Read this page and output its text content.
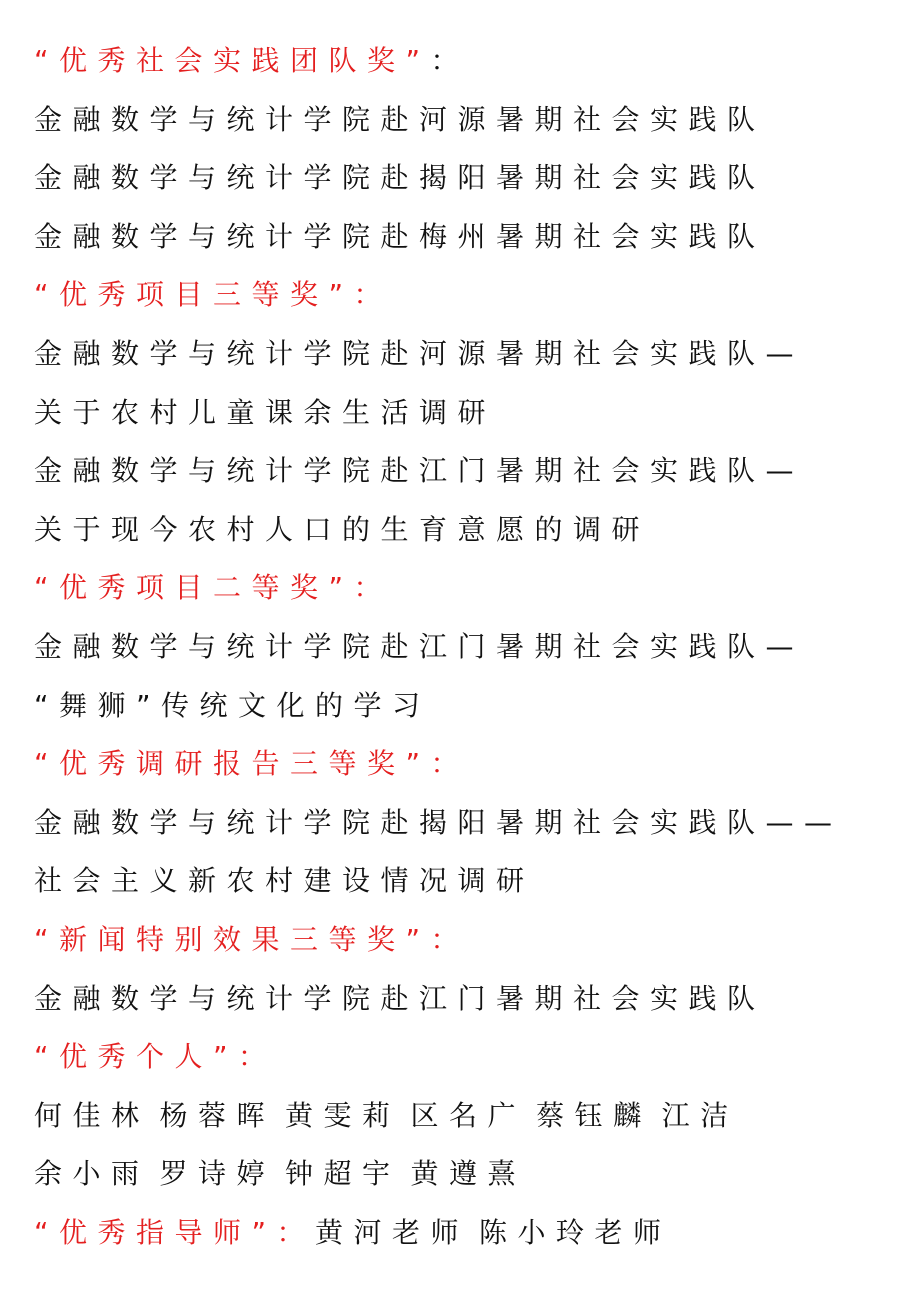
“优秀社会实践团队奖”：
金融数学与统计学院赴河源暑期社会实践队
金融数学与统计学院赴揭阳暑期社会实践队
金融数学与统计学院赴梅州暑期社会实践队
“优秀项目三等奖”：
金融数学与统计学院赴河源暑期社会实践队—
关于农村儿童课余生活调研
金融数学与统计学院赴江门暑期社会实践队—
关于现今农村人口的生育意愿的调研
“优秀项目二等奖”：
金融数学与统计学院赴江门暑期社会实践队—
“舞狮”传统文化的学习
“优秀调研报告三等奖”：
金融数学与统计学院赴揭阳暑期社会实践队——
社会主义新农村建设情况调研
“新闻特别效果三等奖”：
金融数学与统计学院赴江门暑期社会实践队
“优秀个人”：
何佳林 杨蓉晖 黄雯莉 区名广 蔡钰麟 江洁
余小雨 罗诗婷 钟超宇 黄遵熹
“优秀指导师”：黄河老师 陈小玲老师
